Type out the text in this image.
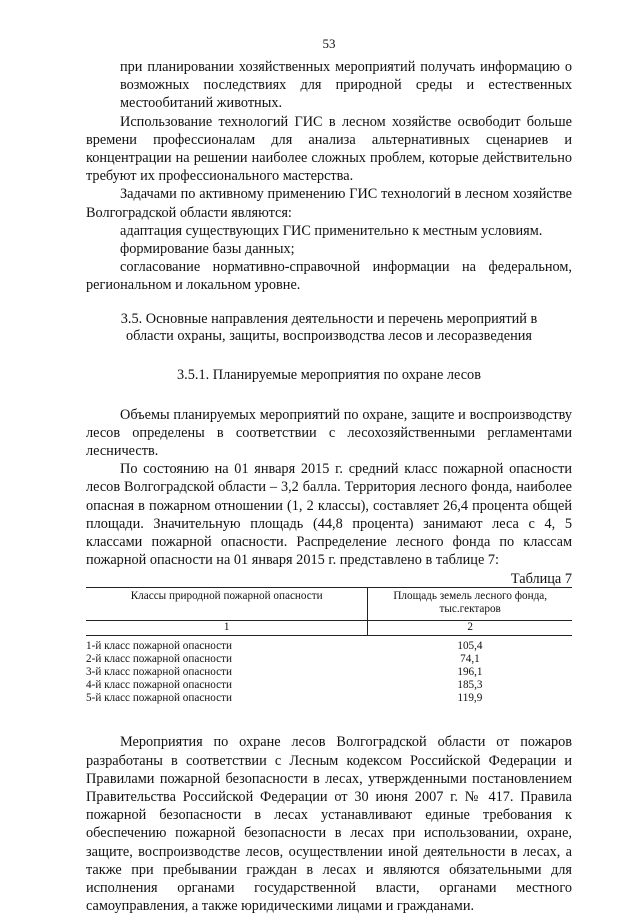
53

при планировании хозяйственных мероприятий получать информацию о возможных последствиях для природной среды и естественных местообитаний животных.

Использование технологий ГИС в лесном хозяйстве освободит больше времени профессионалам для анализа альтернативных сценариев и концентрации на решении наиболее сложных проблем, которые действительно требуют их профессионального мастерства.

Задачами по активному применению ГИС технологий в лесном хозяйстве Волгоградской области являются:

адаптация существующих ГИС применительно к местным условиям.

формирование базы данных;

согласование нормативно-справочной информации на федеральном, региональном и локальном уровне.

3.5. Основные направления деятельности и перечень мероприятий в области охраны, защиты, воспроизводства лесов и лесоразведения
3.5.1. Планируемые мероприятия по охране лесов

Объемы планируемых мероприятий по охране, защите и воспроизводству лесов определены в соответствии с лесохозяйственными регламентами лесничеств.

По состоянию на 01 января 2015 г. средний класс пожарной опасности лесов Волгоградской области – 3,2 балла. Территория лесного фонда, наиболее опасная в пожарном отношении (1, 2 классы), составляет 26,4 процента общей площади. Значительную площадь (44,8 процента) занимают леса с 4, 5 классами пожарной опасности. Распределение лесного фонда по классам пожарной опасности на 01 января 2015 г. представлено в таблице 7:

Таблица 7
Классы природной пожарной опасности	Площадь земель лесного фонда, тыс.гектаров
1	2
1-й класс пожарной опасности	105,4
2-й класс пожарной опасности	74,1
3-й класс пожарной опасности	196,1
4-й класс пожарной опасности	185,3
5-й класс пожарной опасности	119,9

Мероприятия по охране лесов Волгоградской области от пожаров разработаны в соответствии с Лесным кодексом Российской Федерации и Правилами пожарной безопасности в лесах, утвержденными постановлением Правительства Российской Федерации от 30 июня 2007 г. № 417. Правила пожарной безопасности в лесах устанавливают единые требования к обеспечению пожарной безопасности в лесах при использовании, охране, защите, воспроизводстве лесов, осуществлении иной деятельности в лесах, а также при пребывании граждан в лесах и являются обязательными для исполнения органами государственной власти, органами местного самоуправления, а также юридическими лицами и гражданами.
